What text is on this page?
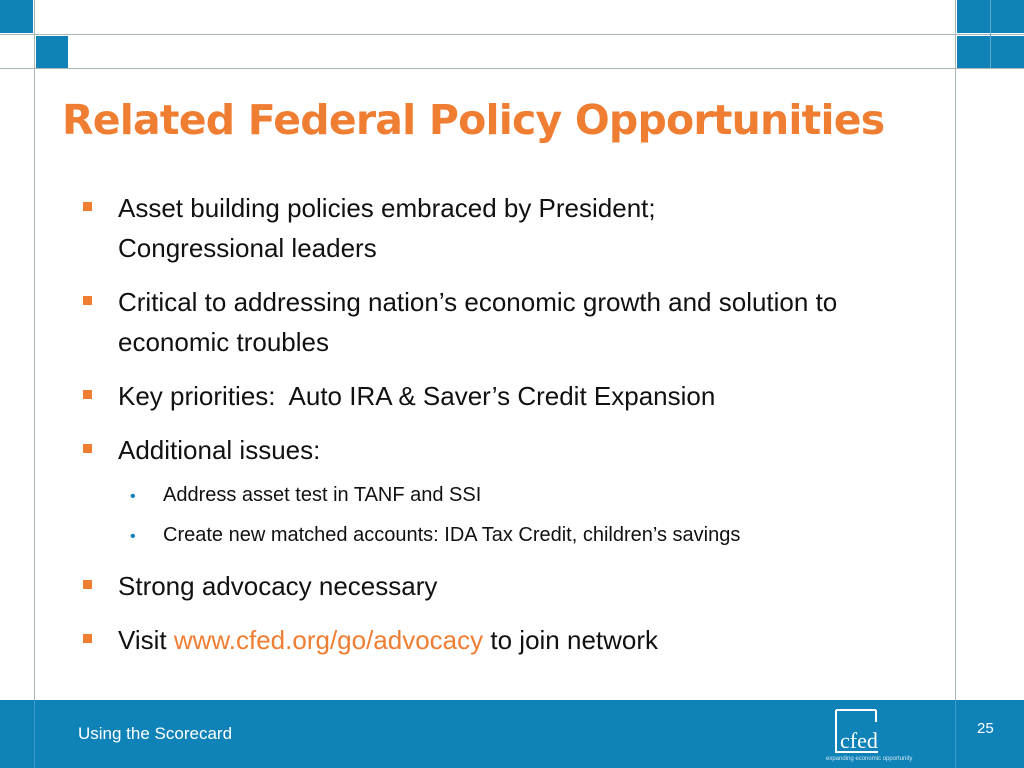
Related Federal Policy Opportunities
Asset building policies embraced by President; Congressional leaders
Critical to addressing nation’s economic growth and solution to economic troubles
Key priorities:  Auto IRA & Saver’s Credit Expansion
Additional issues:
• Address asset test in TANF and SSI
• Create new matched accounts: IDA Tax Credit, children’s savings
Strong advocacy necessary
Visit www.cfed.org/go/advocacy to join network
Using the Scorecard	25
cfed
expanding economic opportunity
